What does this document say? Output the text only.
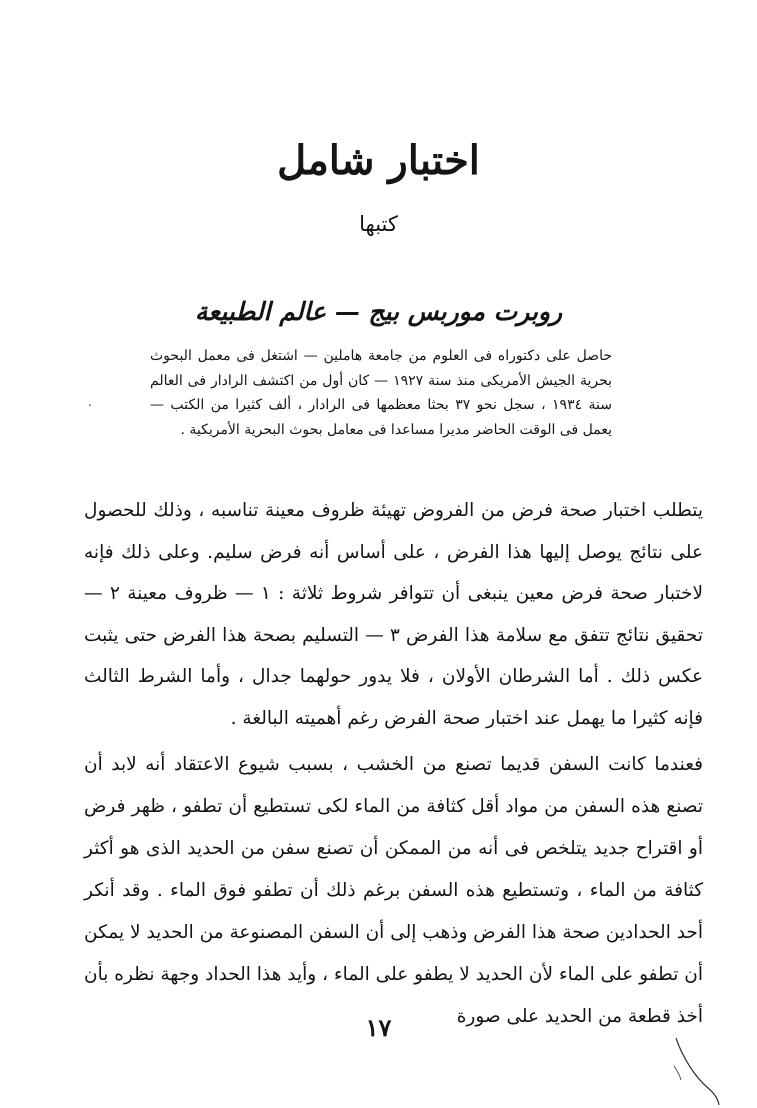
اختبار شامل
كتبها
روبرت موربس بيج — عالم الطبيعة
حاصل على دكتوراه فى العلوم من جامعة هاملين — اشتغل فى معمل البحوث بحرية الجيش الأمريكى منذ سنة ١٩٢٧ — كان أول من اكتشف الرادار فى العالم سنة ١٩٣٤ ، سجل نحو ٣٧ بحثا معظمها فى الرادار ، ألف كثيرا من الكتب — يعمل فى الوقت الحاضر مديرا مساعدا فى معامل بحوث البحرية الأمريكية .
.

يتطلب اختبار صحة فرض من الفروض تهيئة ظروف معينة تناسبه ، وذلك للحصول على نتائج يوصل إليها هذا الفرض ، على أساس أنه فرض سليم. وعلى ذلك فإنه لاختبار صحة فرض معين ينبغى أن تتوافر شروط ثلاثة : ١ — ظروف معينة ٢ — تحقيق نتائج تتفق مع سلامة هذا الفرض ٣ — التسليم بصحة هذا الفرض حتى يثبت عكس ذلك . أما الشرطان الأولان ، فلا يدور حولهما جدال ، وأما الشرط الثالث فإنه كثيرا ما يهمل عند اختبار صحة الفرض رغم أهميته البالغة .

فعندما كانت السفن قديما تصنع من الخشب ، بسبب شيوع الاعتقاد أنه لابد أن تصنع هذه السفن من مواد أقل كثافة من الماء لكى تستطيع أن تطفو ، ظهر فرض أو اقتراح جديد يتلخص فى أنه من الممكن أن تصنع سفن من الحديد الذى هو أكثر كثافة من الماء ، وتستطيع هذه السفن برغم ذلك أن تطفو فوق الماء . وقد أنكر أحد الحدادين صحة هذا الفرض وذهب إلى أن السفن المصنوعة من الحديد لا يمكن أن تطفو على الماء لأن الحديد لا يطفو على الماء ، وأيد هذا الحداد وجهة نظره بأن أخذ قطعة من الحديد على صورة

١٧
